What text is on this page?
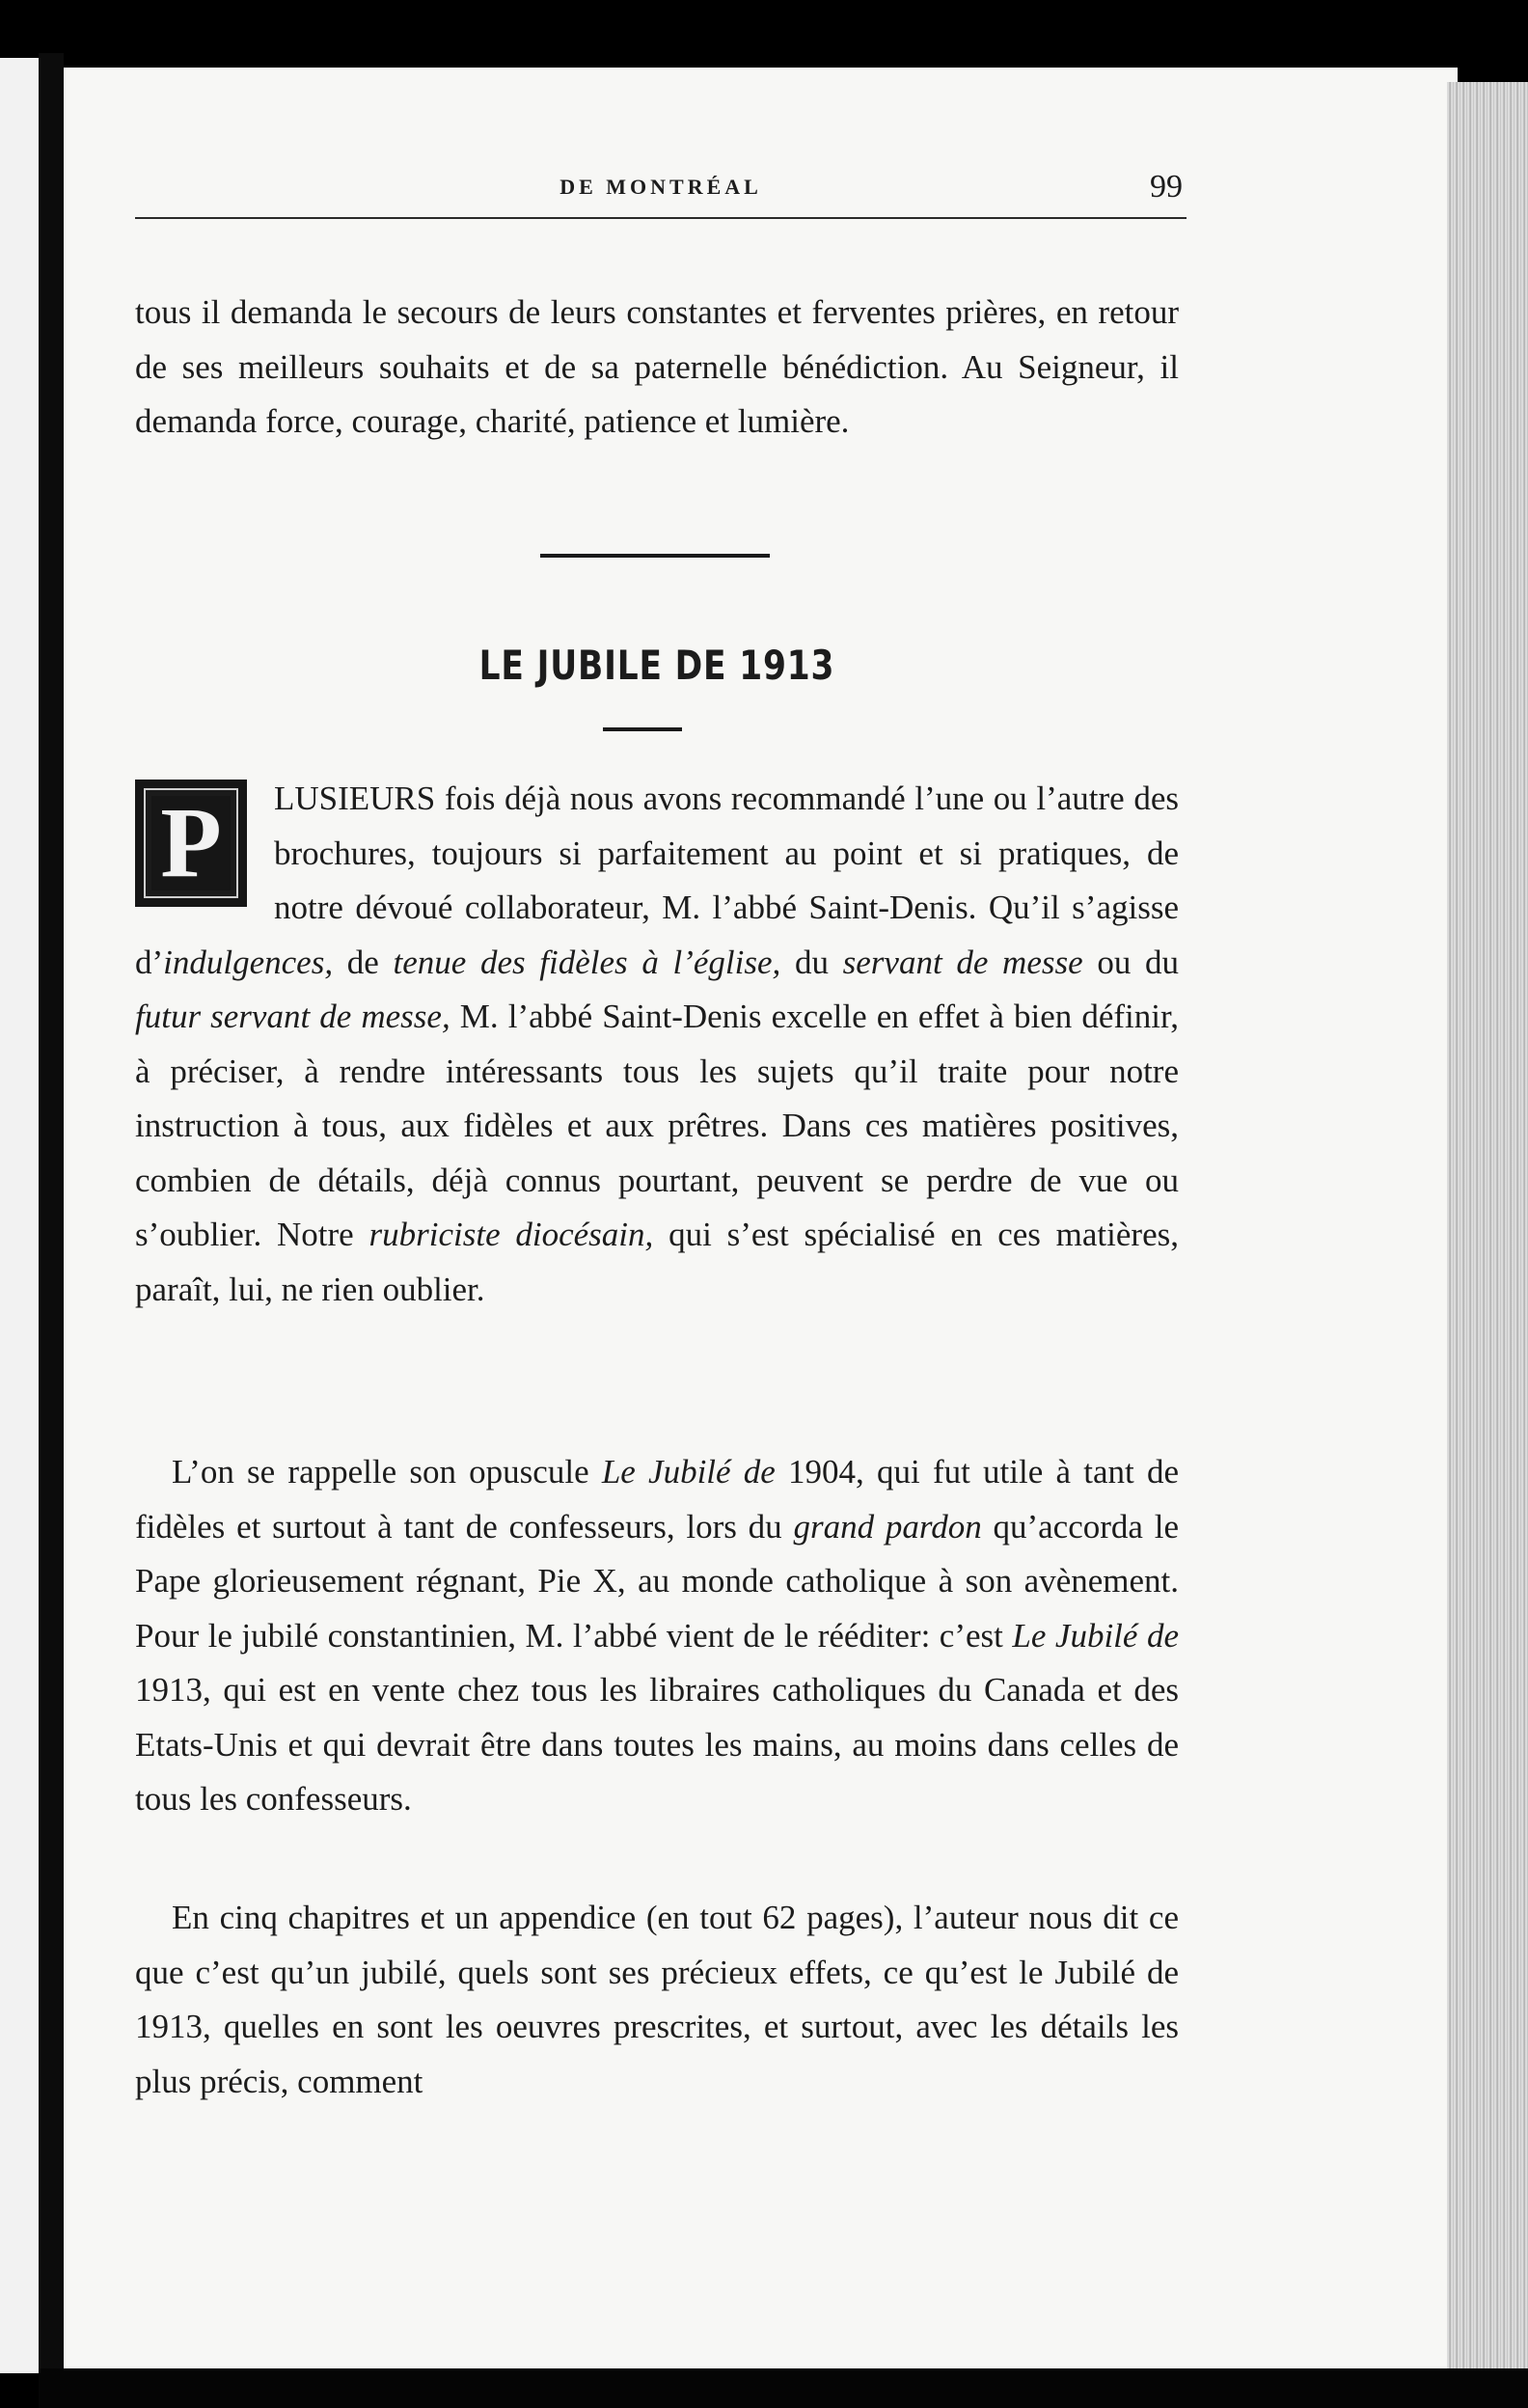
DE MONTRÉAL	99

tous il demanda le secours de leurs constantes et ferventes prières, en retour de ses meilleurs souhaits et de sa paternelle bénédiction. Au Seigneur, il demanda force, courage, charité, patience et lumière.

LE JUBILE DE 1913

P	LUSIEURS fois déjà nous avons recommandé l’une ou l’autre des brochures, toujours si parfaitement au point et si pratiques, de notre dévoué collaborateur, M. l’abbé Saint-Denis. Qu’il s’agisse d’indulgences, de tenue des fidèles à l’église, du servant de messe ou du futur servant de messe, M. l’abbé Saint-Denis excelle en effet à bien définir, à préciser, à rendre intéressants tous les sujets qu’il traite pour notre instruction à tous, aux fidèles et aux prêtres. Dans ces matières positives, combien de détails, déjà connus pourtant, peuvent se perdre de vue ou s’oublier. Notre rubriciste diocésain, qui s’est spécialisé en ces matières, paraît, lui, ne rien oublier.

L’on se rappelle son opuscule Le Jubilé de 1904, qui fut utile à tant de fidèles et surtout à tant de confesseurs, lors du grand pardon qu’accorda le Pape glorieusement régnant, Pie X, au monde catholique à son avènement. Pour le jubilé constantinien, M. l’abbé vient de le rééditer: c’est Le Jubilé de 1913, qui est en vente chez tous les libraires catholiques du Canada et des Etats-Unis et qui devrait être dans toutes les mains, au moins dans celles de tous les confesseurs.

En cinq chapitres et un appendice (en tout 62 pages), l’auteur nous dit ce que c’est qu’un jubilé, quels sont ses précieux effets, ce qu’est le Jubilé de 1913, quelles en sont les oeuvres prescrites, et surtout, avec les détails les plus précis, comment
